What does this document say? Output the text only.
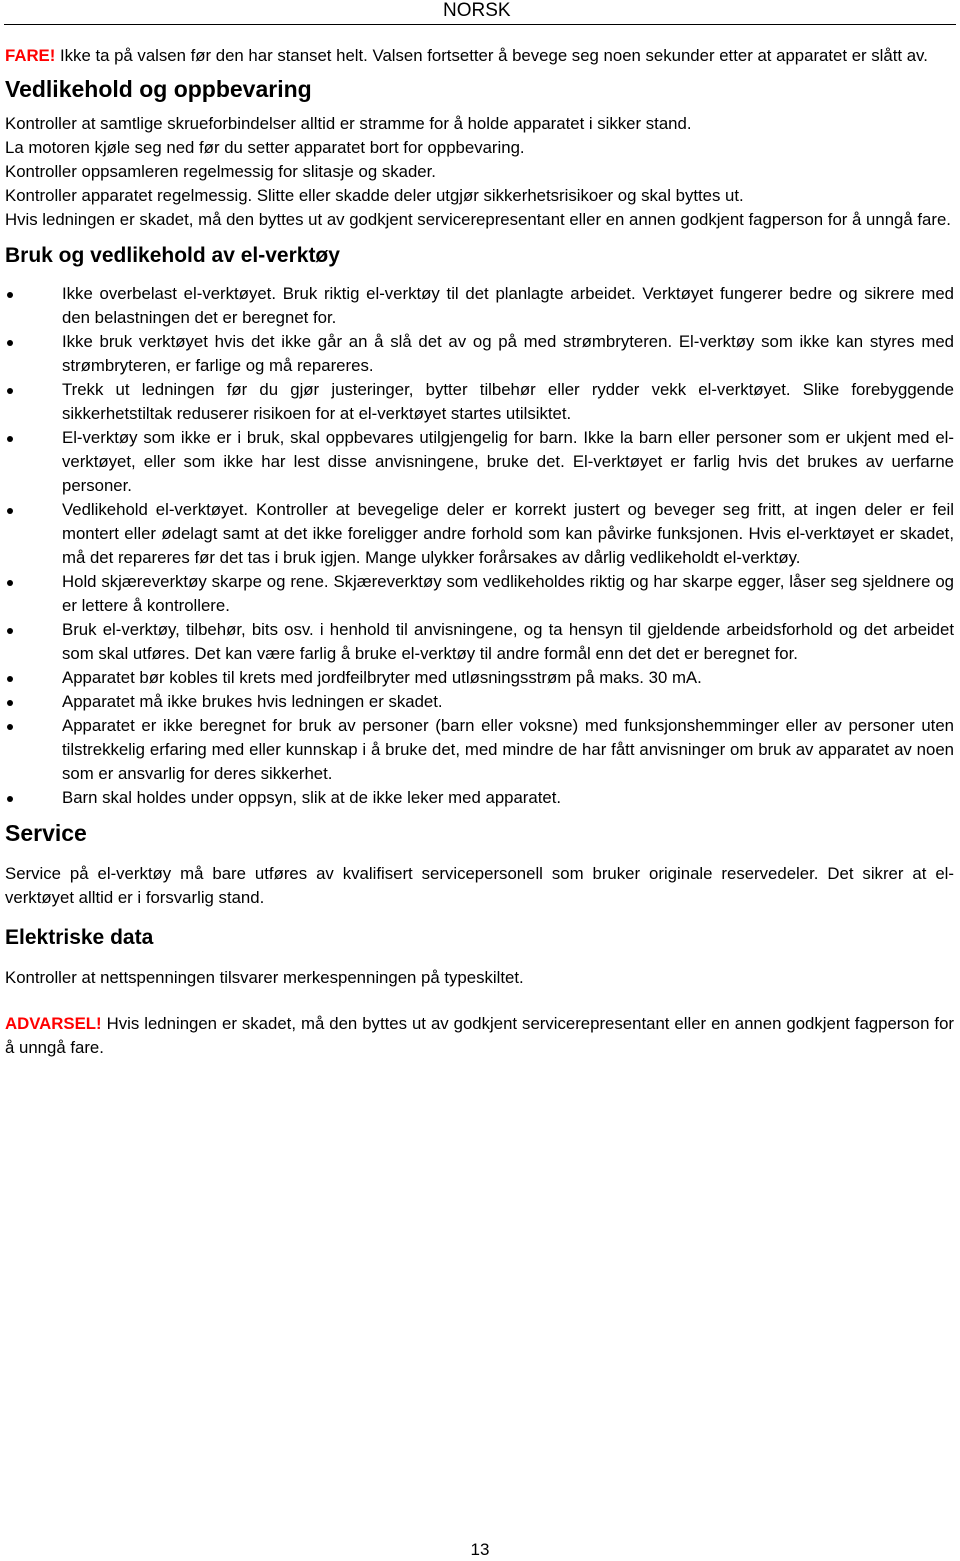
NORSK

FARE! Ikke ta på valsen før den har stanset helt. Valsen fortsetter å bevege seg noen sekunder etter at apparatet er slått av.

Vedlikehold og oppbevaring

Kontroller at samtlige skrueforbindelser alltid er stramme for å holde apparatet i sikker stand.

La motoren kjøle seg ned før du setter apparatet bort for oppbevaring.

Kontroller oppsamleren regelmessig for slitasje og skader.

Kontroller apparatet regelmessig. Slitte eller skadde deler utgjør sikkerhetsrisikoer og skal byttes ut.

Hvis ledningen er skadet, må den byttes ut av godkjent servicerepresentant eller en annen godkjent fagperson for å unngå fare.

Bruk og vedlikehold av el-verktøy
Ikke overbelast el-verktøyet. Bruk riktig el-verktøy til det planlagte arbeidet. Verktøyet fungerer bedre og sikrere med den belastningen det er beregnet for.
Ikke bruk verktøyet hvis det ikke går an å slå det av og på med strømbryteren. El-verktøy som ikke kan styres med strømbryteren, er farlige og må repareres.
Trekk ut ledningen før du gjør justeringer, bytter tilbehør eller rydder vekk el-verktøyet. Slike forebyggende sikkerhetstiltak reduserer risikoen for at el-verktøyet startes utilsiktet.
El-verktøy som ikke er i bruk, skal oppbevares utilgjengelig for barn. Ikke la barn eller personer som er ukjent med el-verktøyet, eller som ikke har lest disse anvisningene, bruke det. El-verktøyet er farlig hvis det brukes av uerfarne personer.
Vedlikehold el-verktøyet. Kontroller at bevegelige deler er korrekt justert og beveger seg fritt, at ingen deler er feil montert eller ødelagt samt at det ikke foreligger andre forhold som kan påvirke funksjonen. Hvis el-verktøyet er skadet, må det repareres før det tas i bruk igjen. Mange ulykker forårsakes av dårlig vedlikeholdt el-verktøy.
Hold skjæreverktøy skarpe og rene. Skjæreverktøy som vedlikeholdes riktig og har skarpe egger, låser seg sjeldnere og er lettere å kontrollere.
Bruk el-verktøy, tilbehør, bits osv. i henhold til anvisningene, og ta hensyn til gjeldende arbeidsforhold og det arbeidet som skal utføres. Det kan være farlig å bruke el-verktøy til andre formål enn det det er beregnet for.
Apparatet bør kobles til krets med jordfeilbryter med utløsningsstrøm på maks. 30 mA.
Apparatet må ikke brukes hvis ledningen er skadet.
Apparatet er ikke beregnet for bruk av personer (barn eller voksne) med funksjonshemminger eller av personer uten tilstrekkelig erfaring med eller kunnskap i å bruke det, med mindre de har fått anvisninger om bruk av apparatet av noen som er ansvarlig for deres sikkerhet.
Barn skal holdes under oppsyn, slik at de ikke leker med apparatet.
Service

Service på el-verktøy må bare utføres av kvalifisert servicepersonell som bruker originale reservedeler. Det sikrer at el-verktøyet alltid er i forsvarlig stand.

Elektriske data

Kontroller at nettspenningen tilsvarer merkespenningen på typeskiltet.

ADVARSEL! Hvis ledningen er skadet, må den byttes ut av godkjent servicerepresentant eller en annen godkjent fagperson for å unngå fare.

13
